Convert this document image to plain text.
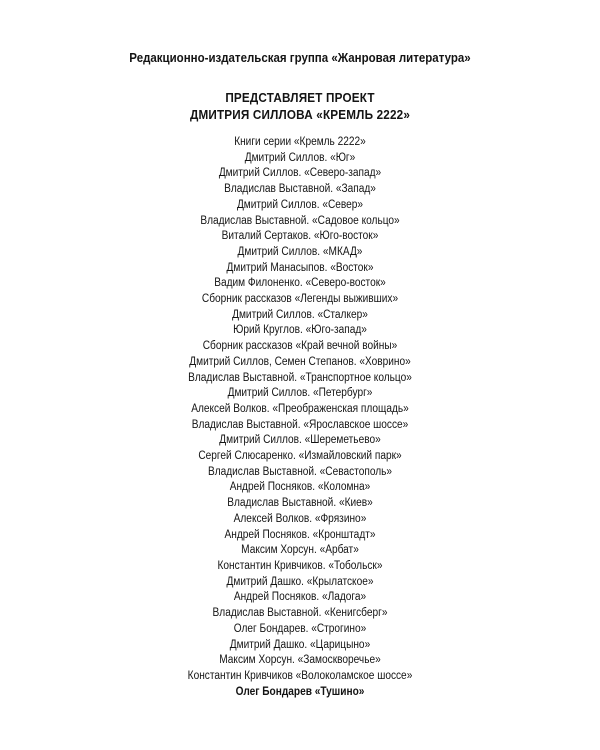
Редакционно-издательская группа «Жанровая литература»
ПРЕДСТАВЛЯЕТ ПРОЕКТ
ДМИТРИЯ СИЛЛОВА «КРЕМЛЬ 2222»
Книги серии «Кремль 2222»
Дмитрий Силлов. «Юг»
Дмитрий Силлов. «Северо-запад»
Владислав Выставной. «Запад»
Дмитрий Силлов. «Север»
Владислав Выставной. «Садовое кольцо»
Виталий Сертаков. «Юго-восток»
Дмитрий Силлов. «МКАД»
Дмитрий Манасыпов. «Восток»
Вадим Филоненко. «Северо-восток»
Сборник рассказов «Легенды выживших»
Дмитрий Силлов. «Сталкер»
Юрий Круглов. «Юго-запад»
Сборник рассказов «Край вечной войны»
Дмитрий Силлов, Семен Степанов. «Ховрино»
Владислав Выставной. «Транспортное кольцо»
Дмитрий Силлов. «Петербург»
Алексей Волков. «Преображенская площадь»
Владислав Выставной. «Ярославское шоссе»
Дмитрий Силлов. «Шереметьево»
Сергей Слюсаренко. «Измайловский парк»
Владислав Выставной. «Севастополь»
Андрей Посняков. «Коломна»
Владислав Выставной. «Киев»
Алексей Волков. «Фрязино»
Андрей Посняков. «Кронштадт»
Максим Хорсун. «Арбат»
Константин Кривчиков. «Тобольск»
Дмитрий Дашко. «Крылатское»
Андрей Посняков. «Ладога»
Владислав Выставной. «Кенигсберг»
Олег Бондарев. «Строгино»
Дмитрий Дашко. «Царицыно»
Максим Хорсун. «Замоскворечье»
Константин Кривчиков «Волоколамское шоссе»
Олег Бондарев «Тушино»
